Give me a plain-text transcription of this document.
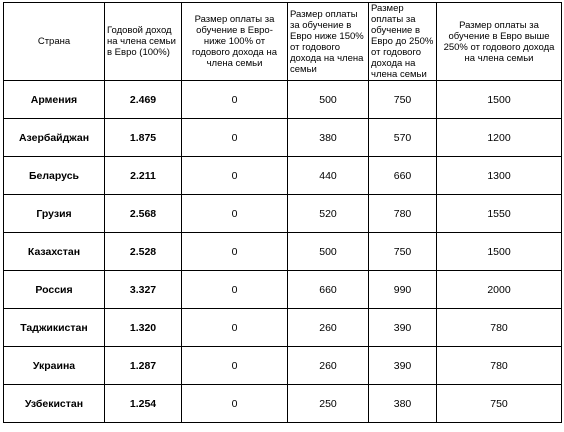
Страна	Годовой доход на члена семьи в Евро (100%)	Размер оплаты за обучение в Евро- ниже 100% от годового дохода на члена семьи	Размер оплаты за обучение в Евро ниже 150% от годового дохода на члена семьи	Размер оплаты за обучение в Евро до 250% от годового дохода на члена семьи	Размер оплаты за обучение в Евро выше 250% от годового дохода на члена семьи
Армения	2.469	0	500	750	1500
Азербайджан	1.875	0	380	570	1200
Беларусь	2.211	0	440	660	1300
Грузия	2.568	0	520	780	1550
Казахстан	2.528	0	500	750	1500
Россия	3.327	0	660	990	2000
Таджикистан	1.320	0	260	390	780
Украина	1.287	0	260	390	780
Узбекистан	1.254	0	250	380	750
